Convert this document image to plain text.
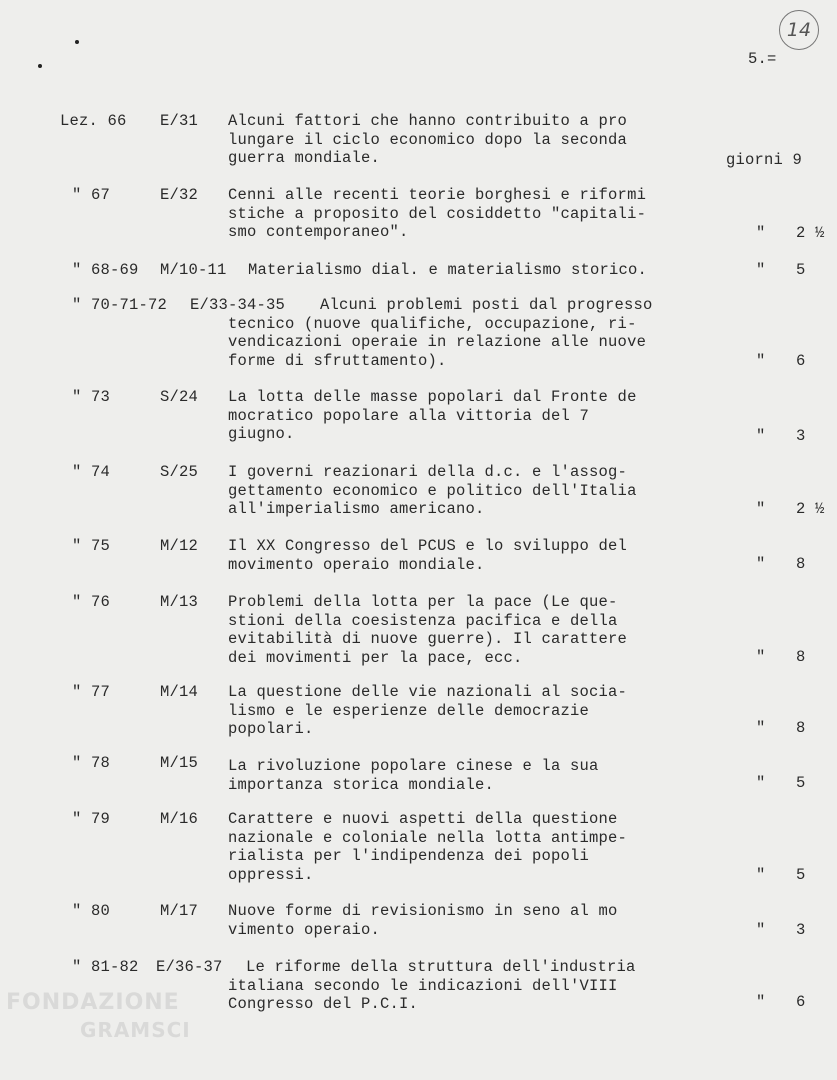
14
5.=
Lez. 66 E/31 Alcuni fattori che hanno contribuito a pro
lungare il ciclo economico dopo la seconda
guerra mondiale.	giorni 9
" 67	E/32 Cenni alle recenti teorie borghesi e riformi
stiche a proposito del cosiddetto "capitali-
smo contemporaneo".	" 2 ½
" 68-69 M/10-11 Materialismo dial. e materialismo storico.	" 5
" 70-71-72 E/33-34-35	Alcuni problemi posti dal progresso
tecnico (nuove qualifiche, occupazione, ri-
vendicazioni operaie in relazione alle nuove
forme di sfruttamento).	" 6
" 73	S/24 La lotta delle masse popolari dal Fronte de
mocratico popolare alla vittoria del 7
giugno.	" 3
" 74	S/25 I governi reazionari della d.c. e l'assog-
gettamento economico e politico dell'Italia
all'imperialismo americano.	" 2 ½
" 75	M/12 Il XX Congresso del PCUS e lo sviluppo del
movimento operaio mondiale.	" 8
" 76	M/13 Problemi della lotta per la pace (Le que-
stioni della coesistenza pacifica e della
evitabilità di nuove guerre). Il carattere
dei movimenti per la pace, ecc.	" 8
" 77	M/14 La questione delle vie nazionali al socia-
lismo e le esperienze delle democrazie
popolari.	" 8
" 78	M/15 La rivoluzione popolare cinese e la sua
importanza storica mondiale.	" 5
" 79	M/16 Carattere e nuovi aspetti della questione
nazionale e coloniale nella lotta antimpe-
rialista per l'indipendenza dei popoli
oppressi.	" 5
" 80	M/17 Nuove forme di revisionismo in seno al mo
vimento operaio.	" 3
" 81-82 E/36-37 Le riforme della struttura dell'industria
italiana secondo le indicazioni dell'VIII
Congresso del P.C.I.	" 6
FONDAZIONE
GRAMSCI
